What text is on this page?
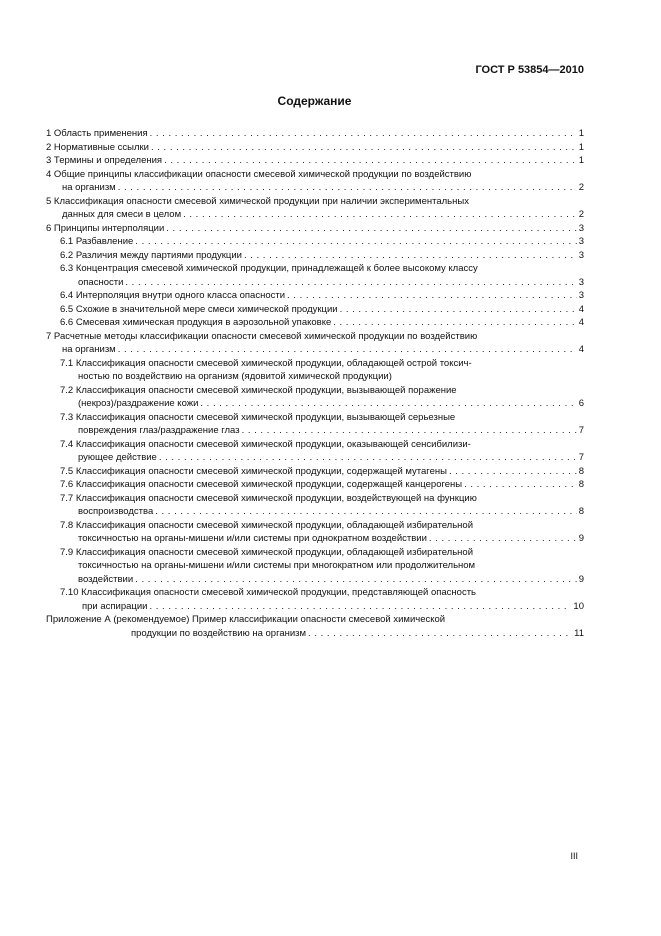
ГОСТ Р 53854—2010
Содержание
1 Область применения . . .	1
2 Нормативные ссылки . . .	1
3 Термины и определения . . .	1
4 Общие принципы классификации опасности смесевой химической продукции по воздействию
на организм . . .	2
5 Классификация опасности смесевой химической продукции при наличии экспериментальных
данных для смеси в целом . . .	2
6 Принципы интерполяции . . .	3
6.1 Разбавление . . .	3
6.2 Различия между партиями продукции . . .	3
6.3 Концентрация смесевой химической продукции, принадлежащей к более высокому классу
опасности . . .	3
6.4 Интерполяция внутри одного класса опасности . . .	3
6.5 Схожие в значительной мере смеси химической продукции . . .	4
6.6 Смесевая химическая продукция в аэрозольной упаковке . . .	4
7 Расчетные методы классификации опасности смесевой химической продукции по воздействию
на организм . . .	4
7.1 Классификация опасности смесевой химической продукции, обладающей острой токсич-
ностью по воздействию на организм (ядовитой химической продукции)
7.2 Классификация опасности смесевой химической продукции, вызывающей поражение
(некроз)/раздражение кожи . . .	6
7.3 Классификация опасности смесевой химической продукции, вызывающей серьезные
повреждения глаз/раздражение глаз . . .	7
7.4 Классификация опасности смесевой химической продукции, оказывающей сенсибилизи-
рующее действие . . .	7
7.5 Классификация опасности смесевой химической продукции, содержащей мутагены . . .	8
7.6 Классификация опасности смесевой химической продукции, содержащей канцерогены . . .	8
7.7 Классификация опасности смесевой химической продукции, воздействующей на функцию
воспроизводства . . .	8
7.8 Классификация опасности смесевой химической продукции, обладающей избирательной
токсичностью на органы-мишени и/или системы при однократном воздействии . . .	9
7.9 Классификация опасности смесевой химической продукции, обладающей избирательной
токсичностью на органы-мишени и/или системы при многократном или продолжительном
воздействии . . .	9
7.10 Классификация опасности смесевой химической продукции, представляющей опасность
при аспирации . . .	10
Приложение А (рекомендуемое) Пример классификации опасности смесевой химической
продукции по воздействию на организм . . .	11
III
